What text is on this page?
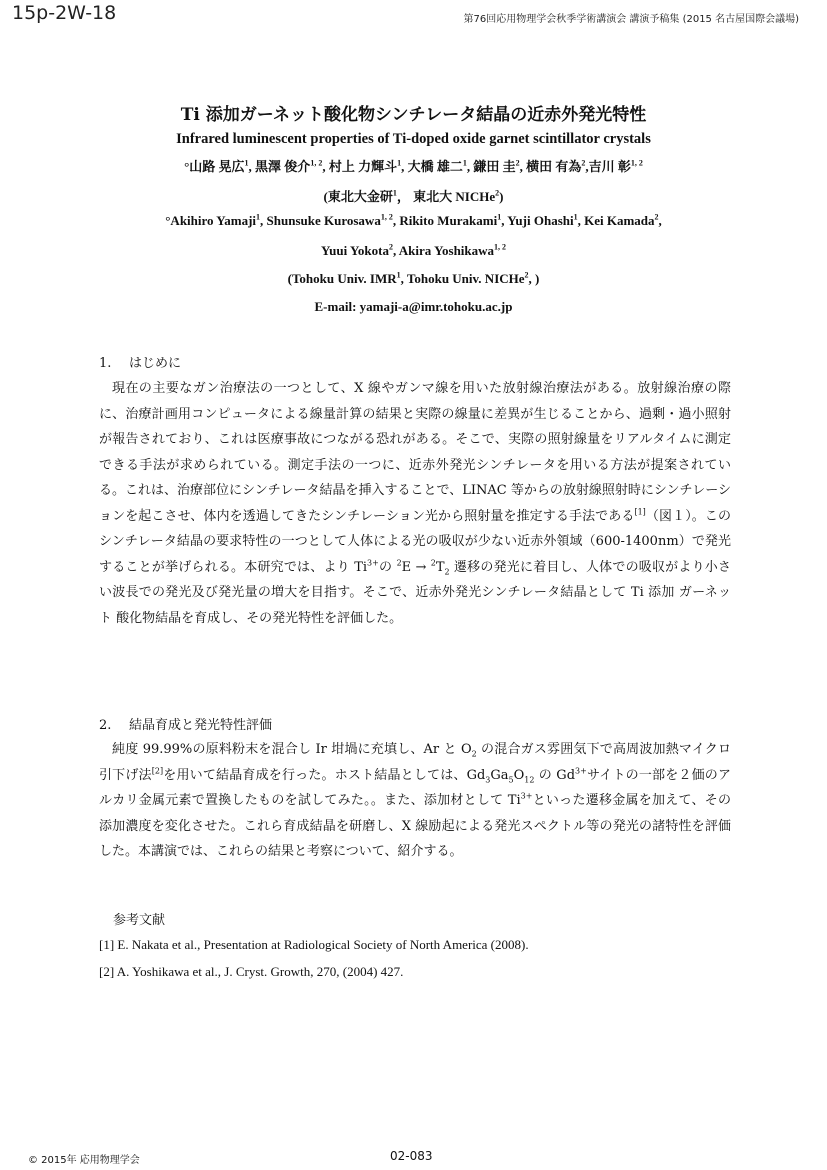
15p-2W-18	第76回応用物理学会秋季学術講演会 講演予稿集 (2015 名古屋国際会議場)
Ti 添加ガーネット酸化物シンチレータ結晶の近赤外発光特性
Infrared luminescent properties of Ti-doped oxide garnet scintillator crystals
°山路 晃広$^1$, 黒澤 俊介$^{1, 2}$, 村上 力輝斗$^1$, 大橋 雄二$^1$, 鎌田 圭$^2$, 横田 有為$^2$,吉川 彰$^{1, 2}$
(東北大金研$^1$， 東北大 NICHe$^2$)
°Akihiro Yamaji$^1$, Shunsuke Kurosawa$^{1, 2}$, Rikito Murakami$^1$, Yuji Ohashi$^1$, Kei Kamada$^2$,
Yuui Yokota$^2$, Akira Yoshikawa$^{1, 2}$
(Tohoku Univ. IMR$^1$, Tohoku Univ. NICHe$^2$, )
E-mail: yamaji-a@imr.tohoku.ac.jp
1. はじめに

現在の主要なガン治療法の一つとして、X 線やガンマ線を用いた放射線治療法がある。放射線治療の際に、治療計画用コンピュータによる線量計算の結果と実際の線量に差異が生じることから、過剰・過小照射が報告されており、これは医療事故につながる恐れがある。そこで、実際の照射線量をリアルタイムに測定できる手法が求められている。測定手法の一つに、近赤外発光シンチレータを用いる方法が提案されている。これは、治療部位にシンチレータ結晶を挿入することで、LINAC 等からの放射線照射時にシンチレーションを起こさせ、体内を透過してきたシンチレーション光から照射量を推定する手法である[1]（図１）。このシンチレータ結晶の要求特性の一つとして人体による光の吸収が少ない近赤外領域（600-1400nm）で発光することが挙げられる。本研究では、より $Ti^{3+}$の $^2E \to ^2T_2$ 遷移の発光に着目し、人体での吸収がより小さい波長での発光及び発光量の増大を目指す。そこで、近赤外発光シンチレータ結晶として Ti 添加 ガーネット 酸化物結晶を育成し、その発光特性を評価した。

2. 結晶育成と発光特性評価

純度 99.99%の原料粉末を混合し Ir 坩堝に充填し、Ar と $O_2$ の混合ガス雰囲気下で高周波加熱マイクロ引下げ法[2]を用いて結晶育成を行った。ホスト結晶としては、$Gd_3Ga_5O_{12}$ の $Gd^{3+}$サイトの一部を２価のアルカリ金属元素で置換したものを試してみた。。また、添加材として $Ti^{3+}$といった遷移金属を加えて、その添加濃度を変化させた。これら育成結晶を研磨し、X 線励起による発光スペクトル等の発光の諸特性を評価した。本講演では、これらの結果と考察について、紹介する。

参考文献
[1] E. Nakata et al., Presentation at Radiological Society of North America (2008).
[2] A. Yoshikawa et al., J. Cryst. Growth, 270, (2004) 427.
© 2015年 応用物理学会	02-083
